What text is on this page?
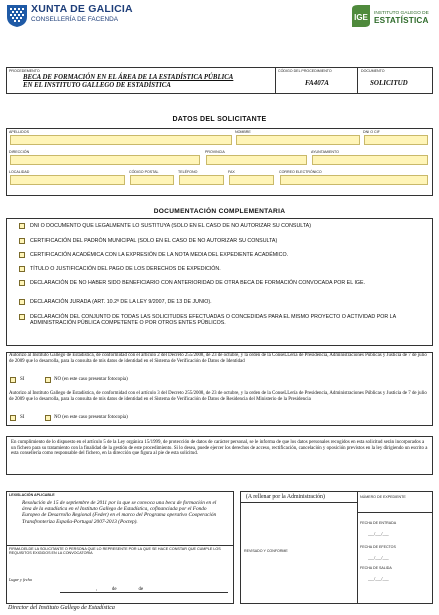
XUNTA DE GALICIA
CONSELLERÍA DE FACENDA	IGE INSTITUTO GALEGO DE
ESTATÍSTICA
PROCEDEMENTO
BECA DE FORMACIÓN EN EL ÁREA DE LA ESTADÍSTICA PÚBLICA
EN EL INSTITUTO GALLEGO DE ESTADÍSTICA
CÓDIGO DEL PROCEDIMIENTO
FA407A
DOCUMENTO
SOLICITUD
DATOS DEL SOLICITANTE
APELLIDOS	NOMBRE	DNI O CIF
DIRECCIÓN	PROVINCIA	AYUNTAMIENTO
LOCALIDAD	CÓDIGO POSTAL	TELÉFONO	FAX	CORREO ELECTRÓNICO
DOCUMENTACIÓN COMPLEMENTARIA
DNI O DOCUMENTO QUE LEGALMENTE LO SUSTITUYA (SOLO EN EL CASO DE NO AUTORIZAR SU CONSULTA)
CERTIFICACIÓN DEL PADRÓN MUNICIPAL (SOLO EN EL CASO DE NO AUTORIZAR SU CONSULTA)
CERTIFICACIÓN ACADÉMICA CON LA EXPRESIÓN DE LA NOTA MEDIA DEL EXPEDIENTE ACADÉMICO.
TÍTULO O JUSTIFICACIÓN DEL PAGO DE LOS DERECHOS DE EXPEDICIÓN.
DECLARACIÓN DE NO HABER SIDO BENEFICIARIO CON ANTERIORIDAD DE OTRA BECA DE FORMACIÓN CONVOCADA POR EL IGE.
DECLARACIÓN JURADA (ART. 10.2º DE LA LEY 9/2007, DE 13 DE JUNIO).
DECLARACIÓN DEL CONJUNTO DE TODAS LAS SOLICITUDES EFECTUADAS O CONCEDIDAS PARA EL MISMO PROYECTO O ACTIVIDAD POR LA ADMINISTRACIÓN PÚBLICA COMPETENTE O POR OTROS ENTES PÚBLICOS.
Autorizo al Instituto Gallego de Estadística, de conformidad con el artículo 2 del Decreto 255/2008, de 23 de octubre, y la orden de la ConseLLería de Presidencia, Administraciones Públicas y Justicia de 7 de julio de 2009 que lo desarrolla, para la consulta de mis datos de identidad en el Sistema de Verificación de Datos de Identidad
SI	NO (en este caso presentar fotocopia)
Autorizo al Instituto Gallego de Estadística, de conformidad con el artículo 3 del Decreto 255/2008, de 23 de octubre, y la orden de la ConseLLería de Presidencia, Administraciones Públicas y Justicia de 7 de julio de 2009 que lo desarrolla, para la consulta de mis datos de identidad en el Sistema de Verificación de Datos de Residencia del Ministerio de la Presidencia
SI	NO (en este caso presentar fotocopia)
En cumplimiento de lo dispuesto en el artículo 5 de la Ley orgánica 15/1999, de protección de datos de carácter personal, se le informa de que los datos personales recogidos en esta solicitud serán incorporados a un fichero para su tratamiento con la finalidad de la gestión de este procedimiento. Si lo desea, puede ejercer los derechos de acceso, rectificación, cancelación y oposición previstos en la ley dirigiendo un escrito a esta consellería como responsable del fichero, en la dirección que figura al pie de esta solicitud.
LEXISLACIÓN APLICABLE
Resolución de 15 de septiembre de 2011 por la que se convoca una beca de formación en el área de la estadística en el Instituto Gallego de Estadística, cofinanciada por el Fondo Europeo de Desarrollo Regional (Feder) en el marco del Programa operativo Cooperación Transfronteriza España-Portugal 2007-2013 (Poctep).
FIRMA DELDE LA SOLICITANTE O PERSONA QUE LO REPRESENTE POR LA QUE SE HACE CONSTAR QUE CUMPLE LOS REQUISITOS EXIGIDOS EN LA CONVOCATORIA
Lugar y fecha
,            de                  de
Director del Instituto Gallego de Estadística
(A rellenar por la Administración)
REVISADO Y CONFORME
NÚMERO DE EXPEDIENTE
FECHA DE ENTRADA
___/___/___
FECHA DE EFECTOS
___/___/___
FECHA DE SALIDA
___/___/___
